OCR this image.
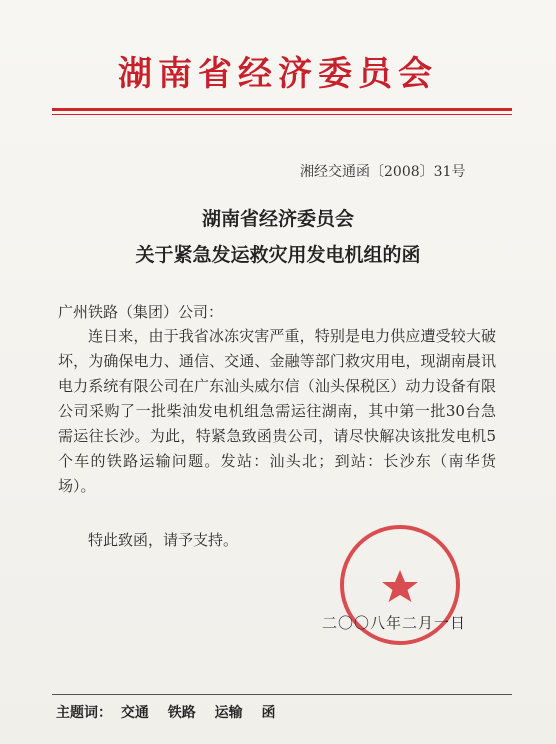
湖南省经济委员会
湘经交通函〔2008〕31号
湖南省经济委员会
关于紧急发运救灾用发电机组的函
广州铁路（集团）公司：
连日来，由于我省冰冻灾害严重，特别是电力供应遭受较大破坏，为确保电力、通信、交通、金融等部门救灾用电，现湖南晨讯电力系统有限公司在广东汕头威尔信（汕头保税区）动力设备有限公司采购了一批柴油发电机组急需运往湖南，其中第一批30台急需运往长沙。为此，特紧急致函贵公司，请尽快解决该批发电机5个车的铁路运输问题。发站：汕头北；到站：长沙东（南华货场）。
特此致函，请予支持。
二〇〇八年二月一日
主题词： 交通 铁路 运输 函
